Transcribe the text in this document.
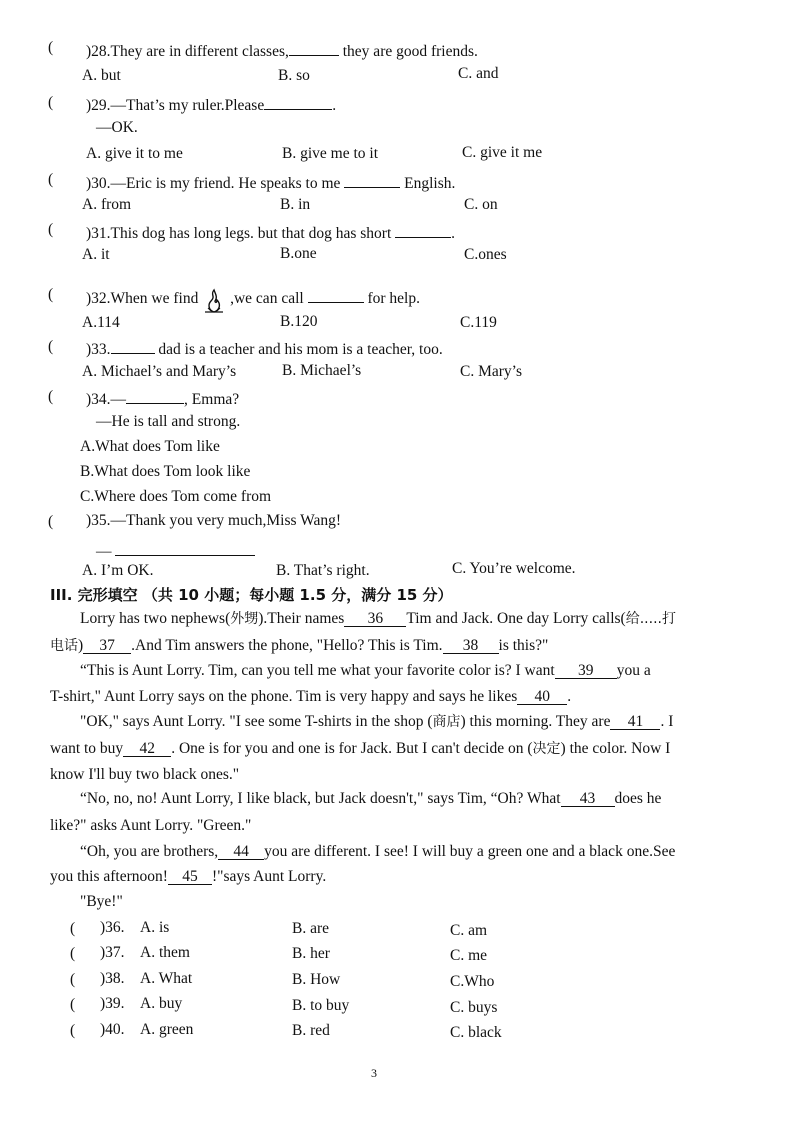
( )28.They are in different classes,	they are good friends.
A. but	B. so	C. and
( )29.—That’s my ruler.Please	.
—OK.
A. give it to me	B. give me to it	C. give it me
( )30.—Eric is my friend. He speaks to me	English.
A. from	B. in	C. on
( )31.This dog has long legs. but that dog has short	.
A. it	B.one	C.ones
( )32.When we find  ,we can call	for help.
A.114	B.120	C.119
( )33.	dad is a teacher and his mom is a teacher, too.
A. Michael’s and Mary’s	B. Michael’s	C. Mary’s
( )34.—	, Emma?
—He is tall and strong.
A.What does Tom like
B.What does Tom look like
C.Where does Tom come from
( )35.—Thank you very much,Miss Wang!
—
A. I’m OK.	B. That’s right.	C. You’re welcome.
III. 完形填空 （共 10 小题；每小题 1.5 分，满分 15 分）
Lorry has two nephews(外甥).Their names 36 Tim and Jack. One day Lorry calls(给.....打
电话) 37 .And Tim answers the phone, "Hello? This is Tim. 38 is this?"
“This is Aunt Lorry. Tim, can you tell me what your favorite color is? I want 39 you a
T-shirt," Aunt Lorry says on the phone. Tim is very happy and says he likes 40 .
"OK," says Aunt Lorry. "I see some T-shirts in the shop (商店) this morning. They are 41 . I
want to buy 42 . One is for you and one is for Jack. But I can't decide on (决定) the color. Now I
know I'll buy two black ones."
“No, no, no! Aunt Lorry, I like black, but Jack doesn't," says Tim, “Oh? What 43 does he
like?" asks Aunt Lorry. "Green."
“Oh, you are brothers, 44 you are different. I see! I will buy a green one and a black one.See
you this afternoon! 45 !"says Aunt Lorry.
"Bye!"
( )36. A. is	B. are	C. am
( )37. A. them	B. her	C. me
( )38. A. What	B. How	C.Who
( )39. A. buy	B. to buy	C. buys
( )40. A. green	B. red	C. black
3
